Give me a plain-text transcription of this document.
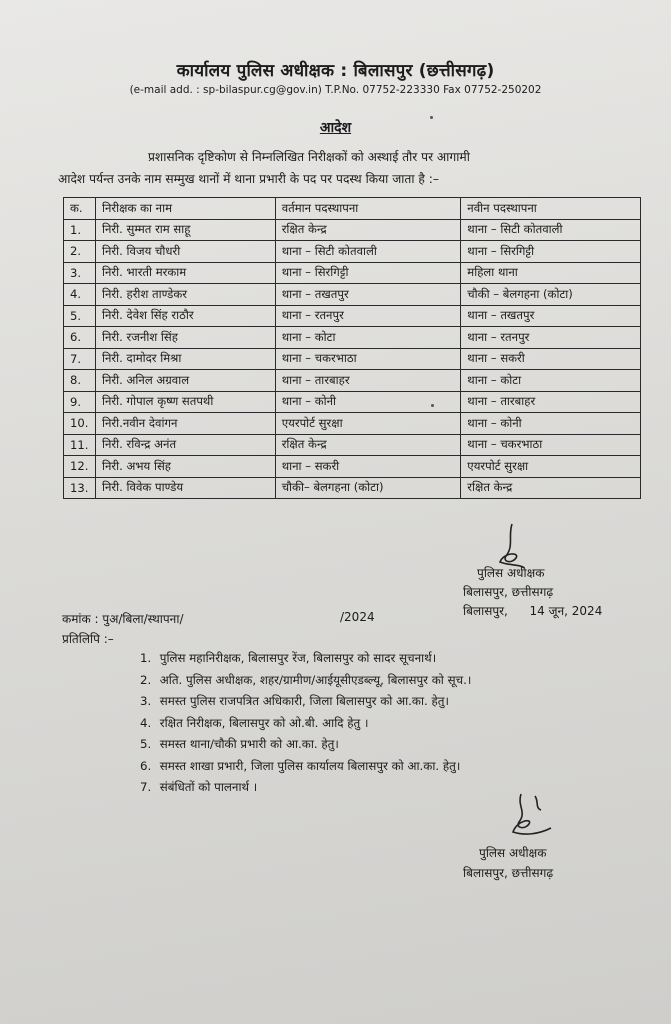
कार्यालय पुलिस अधीक्षक : बिलासपुर (छत्तीसगढ़)
(e-mail add. : sp-bilaspur.cg@gov.in) T.P.No. 07752-223330 Fax 07752-250202
आदेश
प्रशासनिक दृष्टिकोण से निम्नलिखित निरीक्षकों को अस्थाई तौर पर आगामी
आदेश पर्यन्त उनके नाम सम्मुख थानों में थाना प्रभारी के पद पर पदस्थ किया जाता है :–
क.	निरीक्षक का नाम	वर्तमान पदस्थापना	नवीन पदस्थापना
1.	निरी. सुम्मत राम साहू	रक्षित केन्द्र	थाना – सिटी कोतवाली
2.	निरी. विजय चौधरी	थाना – सिटी कोतवाली	थाना – सिरगिट्टी
3.	निरी. भारती मरकाम	थाना – सिरगिट्टी	महिला थाना
4.	निरी. हरीश ताण्डेकर	थाना – तखतपुर	चौकी – बेलगहना (कोटा)
5.	निरी. देवेश सिंह राठौर	थाना – रतनपुर	थाना – तखतपुर
6.	निरी. रजनीश सिंह	थाना – कोटा	थाना – रतनपुर
7.	निरी. दामोदर मिश्रा	थाना – चकरभाठा	थाना – सकरी
8.	निरी. अनिल अग्रवाल	थाना – तारबाहर	थाना – कोटा
9.	निरी. गोपाल कृष्ण सतपथी	थाना – कोनी	थाना – तारबाहर
10.	निरी.नवीन देवांगन	एयरपोर्ट सुरक्षा	थाना – कोनी
11.	निरी. रविन्द्र अनंत	रक्षित केन्द्र	थाना – चकरभाठा
12.	निरी. अभय सिंह	थाना – सकरी	एयरपोर्ट सुरक्षा
13.	निरी. विवेक पाण्डेय	चौकी– बेलगहना (कोटा)	रक्षित केन्द्र
पुलिस अधीक्षक
बिलासपुर, छत्तीसगढ़
बिलासपुर, 14 जून, 2024
कमांक : पुअ/बिला/स्थापना/	/2024
प्रतिलिपि :–
1. पुलिस महानिरीक्षक, बिलासपुर रेंज, बिलासपुर को सादर सूचनार्थ।
2. अति. पुलिस अधीक्षक, शहर/ग्रामीण/आईयूसीएडब्ल्यू, बिलासपुर को सूच.।
3. समस्त पुलिस राजपत्रित अधिकारी, जिला बिलासपुर को आ.का. हेतु।
4. रक्षित निरीक्षक, बिलासपुर को ओ.बी. आदि हेतु ।
5. समस्त थाना/चौकी प्रभारी को आ.का. हेतु।
6. समस्त शाखा प्रभारी, जिला पुलिस कार्यालय बिलासपुर को आ.का. हेतु।
7. संबंधितों को पालनार्थ ।
पुलिस अधीक्षक
बिलासपुर, छत्तीसगढ़
